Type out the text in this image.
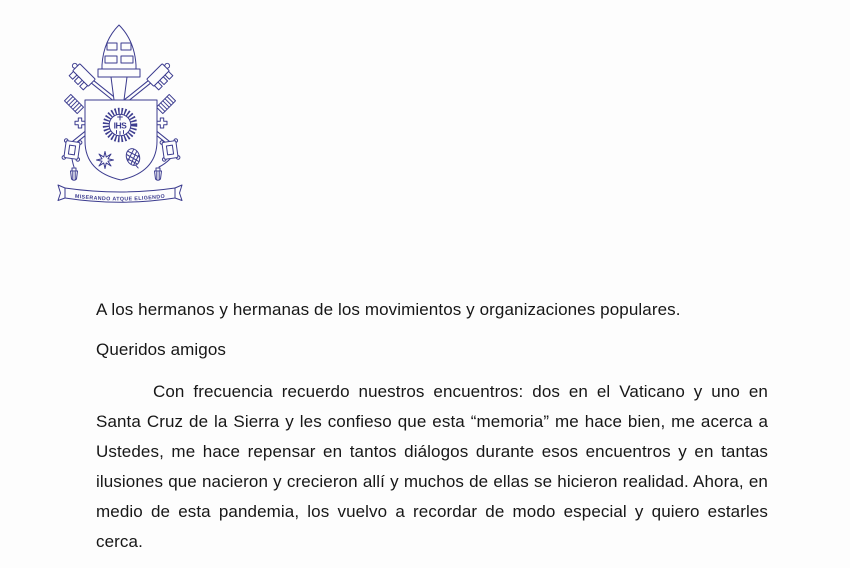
IHS
MISERANDO ATQUE ELIGENDO

A los hermanos y hermanas de los movimientos y organizaciones populares.

Queridos amigos

Con frecuencia recuerdo nuestros encuentros: dos en el Vaticano y uno en Santa Cruz de la Sierra y les confieso que esta “memoria” me hace bien, me acerca a Ustedes, me hace repensar en tantos diálogos durante esos encuentros y en tantas ilusiones que nacieron y crecieron allí y muchos de ellas se hicieron realidad. Ahora, en medio de esta pandemia, los vuelvo a recordar de modo especial y quiero estarles cerca.
